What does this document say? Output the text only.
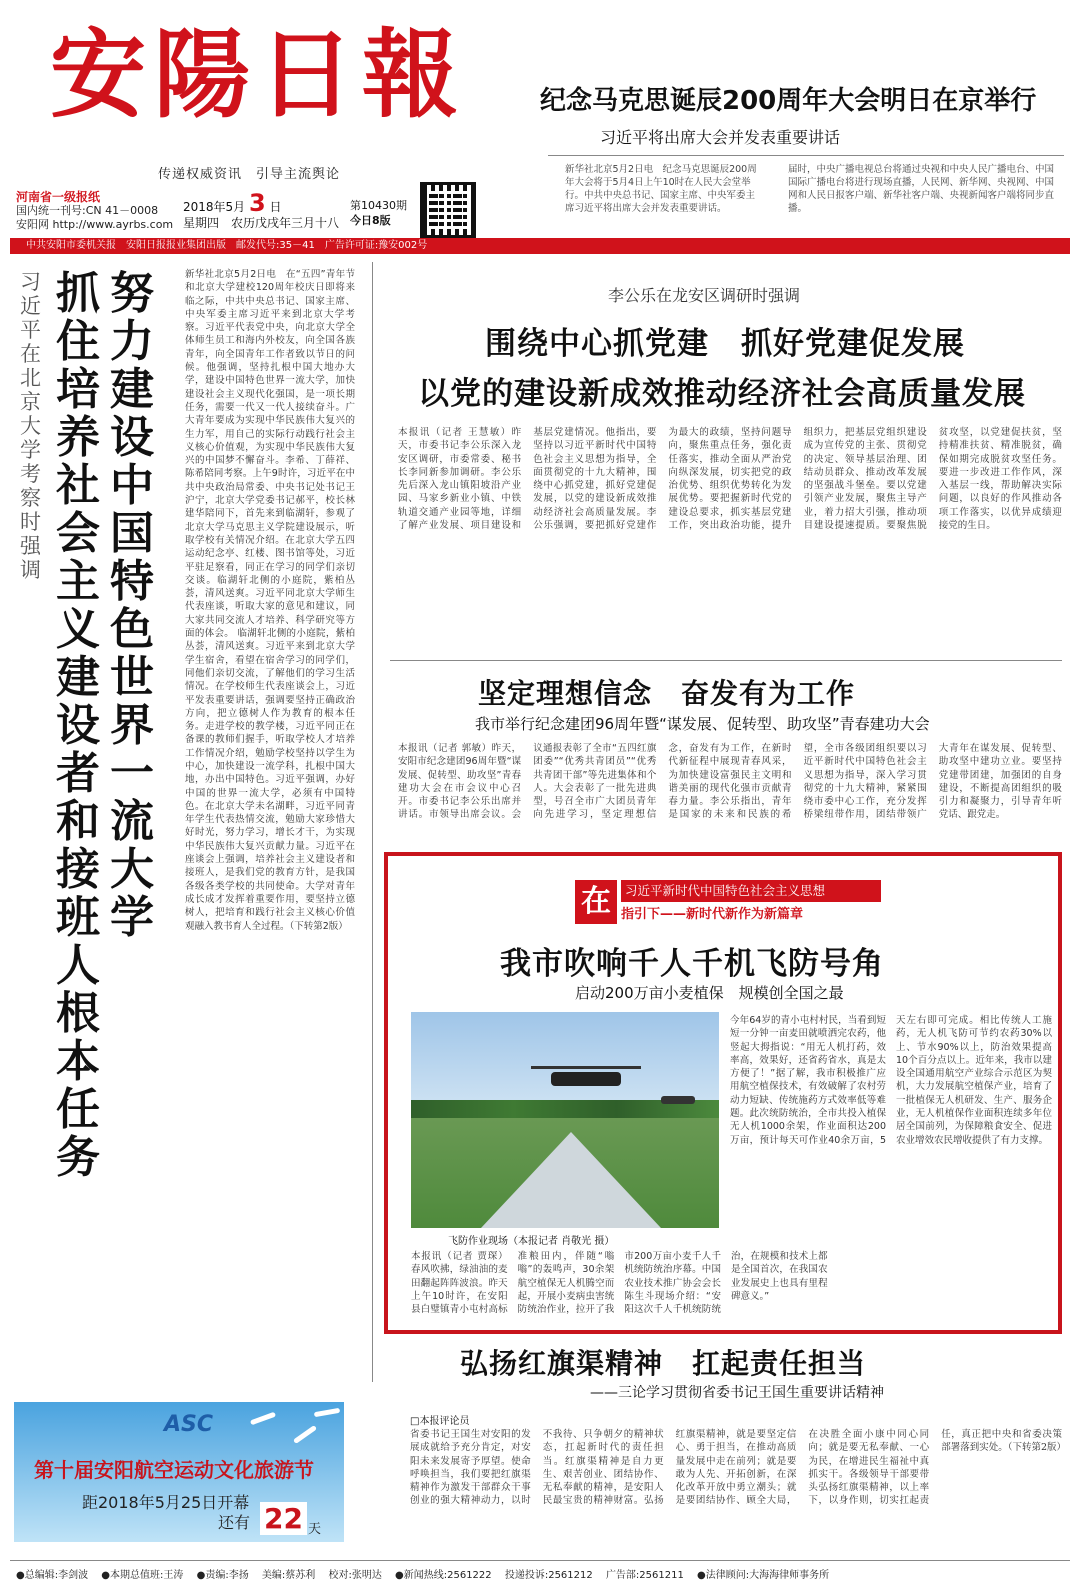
安陽日報
传递权威资讯　引导主流舆论
纪念马克思诞辰200周年大会明日在京举行
习近平将出席大会并发表重要讲话
新华社北京5月2日电　纪念马克思诞辰200周年大会将于5月4日上午10时在人民大会堂举行。中共中央总书记、国家主席、中央军委主席习近平将出席大会并发表重要讲话。
届时，中央广播电视总台将通过央视和中央人民广播电台、中国国际广播电台将进行现场直播，人民网、新华网、央视网、中国网和人民日报客户端、新华社客户端、央视新闻客户端将同步直播。
河南省一级报纸
国内统一刊号:CN 41－0008
安阳网 http://www.ayrbs.com
2018年5月 3 日
星期四　农历戊戌年三月十八
第10430期
今日8版
中共安阳市委机关报　安阳日报报业集团出版　邮发代号:35－41　广告许可证:豫安002号
习近平在北京大学考察时强调
努力建设中国特色世界一流大学
抓住培养社会主义建设者和接班人根本任务
新华社北京5月2日电　在“五四”青年节和北京大学建校120周年校庆日即将来临之际，中共中央总书记、国家主席、中央军委主席习近平来到北京大学考察。习近平代表党中央，向北京大学全体师生员工和海内外校友，向全国各族青年，向全国青年工作者致以节日的问候。他强调，坚持扎根中国大地办大学，建设中国特色世界一流大学，加快建设社会主义现代化强国，是一项长期任务，需要一代又一代人接续奋斗。广大青年要成为实现中华民族伟大复兴的生力军，用自己的实际行动践行社会主义核心价值观，为实现中华民族伟大复兴的中国梦不懈奋斗。李希、丁薛祥、陈希陪同考察。上午9时许，习近平在中共中央政治局常委、中央书记处书记王沪宁，北京大学党委书记郝平，校长林建华陪同下，首先来到临湖轩，参观了北京大学马克思主义学院建设展示，听取学校有关情况介绍。在北京大学五四运动纪念亭、红楼、图书馆等处，习近平驻足察看，同正在学习的同学们亲切交谈。临湖轩北侧的小庭院，紫柏丛荟，清风送爽。习近平同北京大学师生代表座谈，听取大家的意见和建议，同大家共同交流人才培养、科学研究等方面的体会。 临湖轩北侧的小庭院，紫柏丛荟，清风送爽。习近平来到北京大学学生宿舍，看望在宿舍学习的同学们，同他们亲切交流，了解他们的学习生活情况。在学校师生代表座谈会上，习近平发表重要讲话，强调要坚持正确政治方向，把立德树人作为教育的根本任务。走进学校的教学楼，习近平同正在备课的教师们握手，听取学校人才培养工作情况介绍，勉励学校坚持以学生为中心，加快建设一流学科，扎根中国大地，办出中国特色。习近平强调，办好中国的世界一流大学，必须有中国特色。在北京大学未名湖畔，习近平同青年学生代表热情交流，勉励大家珍惜大好时光，努力学习，增长才干，为实现中华民族伟大复兴贡献力量。习近平在座谈会上强调，培养社会主义建设者和接班人，是我们党的教育方针，是我国各级各类学校的共同使命。大学对青年成长成才发挥着重要作用，要坚持立德树人，把培育和践行社会主义核心价值观融入教书育人全过程。（下转第2版）
李公乐在龙安区调研时强调
围绕中心抓党建　抓好党建促发展
以党的建设新成效推动经济社会高质量发展
本报讯（记者 王慧敏）昨天，市委书记李公乐深入龙安区调研，市委常委、秘书长李同新参加调研。李公乐先后深入龙山镇阳坡沿产业园、马家乡新业小镇、中铁轨道交通产业园等地，详细了解产业发展、项目建设和基层党建情况。他指出，要坚持以习近平新时代中国特色社会主义思想为指导，全面贯彻党的十九大精神，围绕中心抓党建，抓好党建促发展，以党的建设新成效推动经济社会高质量发展。李公乐强调，要把抓好党建作为最大的政绩，坚持问题导向，聚焦重点任务，强化责任落实，推动全面从严治党向纵深发展，切实把党的政治优势、组织优势转化为发展优势。要把握新时代党的建设总要求，抓实基层党建工作，突出政治功能，提升组织力，把基层党组织建设成为宣传党的主张、贯彻党的决定、领导基层治理、团结动员群众、推动改革发展的坚强战斗堡垒。要以党建引领产业发展，聚焦主导产业，着力招大引强，推动项目建设提速提质。要聚焦脱贫攻坚，以党建促扶贫，坚持精准扶贫、精准脱贫，确保如期完成脱贫攻坚任务。要进一步改进工作作风，深入基层一线，帮助解决实际问题，以良好的作风推动各项工作落实，以优异成绩迎接党的生日。
坚定理想信念　奋发有为工作
我市举行纪念建团96周年暨“谋发展、促转型、助攻坚”青春建功大会
本报讯（记者 郭敏）昨天，安阳市纪念建团96周年暨“谋发展、促转型、助攻坚”青春建功大会在市会议中心召开。市委书记李公乐出席并讲话。市领导出席会议。会议通报表彰了全市“五四红旗团委”“优秀共青团员”“优秀共青团干部”等先进集体和个人。大会表彰了一批先进典型，号召全市广大团员青年向先进学习，坚定理想信念，奋发有为工作，在新时代新征程中展现青春风采，为加快建设富强民主文明和谐美丽的现代化强市贡献青春力量。李公乐指出，青年是国家的未来和民族的希望，全市各级团组织要以习近平新时代中国特色社会主义思想为指导，深入学习贯彻党的十九大精神，紧紧围绕市委中心工作，充分发挥桥梁纽带作用，团结带领广大青年在谋发展、促转型、助攻坚中建功立业。要坚持党建带团建，加强团的自身建设，不断提高团组织的吸引力和凝聚力，引导青年听党话、跟党走。
在	习近平新时代中国特色社会主义思想
指引下——新时代新作为新篇章
我市吹响千人千机飞防号角
启动200万亩小麦植保　规模创全国之最
飞防作业现场（本报记者 肖敬光 摄）
本报讯（记者 贾琛）春风吹拂，绿油油的麦田翻起阵阵波浪。昨天上午10时许，在安阳县白璧镇青小屯村高标准粮田内，伴随“嗡嗡”的轰鸣声，30余架航空植保无人机腾空而起，开展小麦病虫害统防统治作业，拉开了我市200万亩小麦千人千机统防统治序幕。中国农业技术推广协会会长陈生斗现场介绍：“安阳这次千人千机统防统治，在规模和技术上都是全国首次，在我国农业发展史上也具有里程碑意义。”
今年64岁的青小屯村村民，当看到短短一分钟一亩麦田就喷洒完农药，他竖起大拇指说：“用无人机打药，效率高，效果好，还省药省水，真是太方便了！”据了解，我市积极推广应用航空植保技术，有效破解了农村劳动力短缺、传统施药方式效率低等难题。此次统防统治，全市共投入植保无人机1000余架，作业面积达200万亩，预计每天可作业40余万亩，5天左右即可完成。相比传统人工施药，无人机飞防可节约农药30%以上、节水90%以上，防治效果提高10个百分点以上。近年来，我市以建设全国通用航空产业综合示范区为契机，大力发展航空植保产业，培育了一批植保无人机研发、生产、服务企业，无人机植保作业面积连续多年位居全国前列，为保障粮食安全、促进农业增效农民增收提供了有力支撑。
弘扬红旗渠精神　扛起责任担当
——三论学习贯彻省委书记王国生重要讲话精神
□本报评论员
省委书记王国生对安阳的发展成就给予充分肯定，对安阳未来发展寄予厚望。使命呼唤担当，我们要把红旗渠精神作为激发干部群众干事创业的强大精神动力，以时不我待、只争朝夕的精神状态，扛起新时代的责任担当。红旗渠精神是自力更生、艰苦创业、团结协作、无私奉献的精神，是安阳人民最宝贵的精神财富。弘扬红旗渠精神，就是要坚定信心、勇于担当，在推动高质量发展中走在前列；就是要敢为人先、开拓创新，在深化改革开放中勇立潮头；就是要团结协作、顾全大局，在决胜全面小康中同心同向；就是要无私奉献、一心为民，在增进民生福祉中真抓实干。各级领导干部要带头弘扬红旗渠精神，以上率下，以身作则，切实扛起责任，真正把中央和省委决策部署落到实处。（下转第2版）
ASC
第十届安阳航空运动文化旅游节
距2018年5月25日开幕
还有 22 天
●总编辑:李剑波 ●本期总值班:王涛 ●责编:李扬 美编:蔡苏利 校对:张明达 ●新闻热线:2561222 投递投诉:2561212 广告部:2561211 ●法律顾问:大海海律师事务所
